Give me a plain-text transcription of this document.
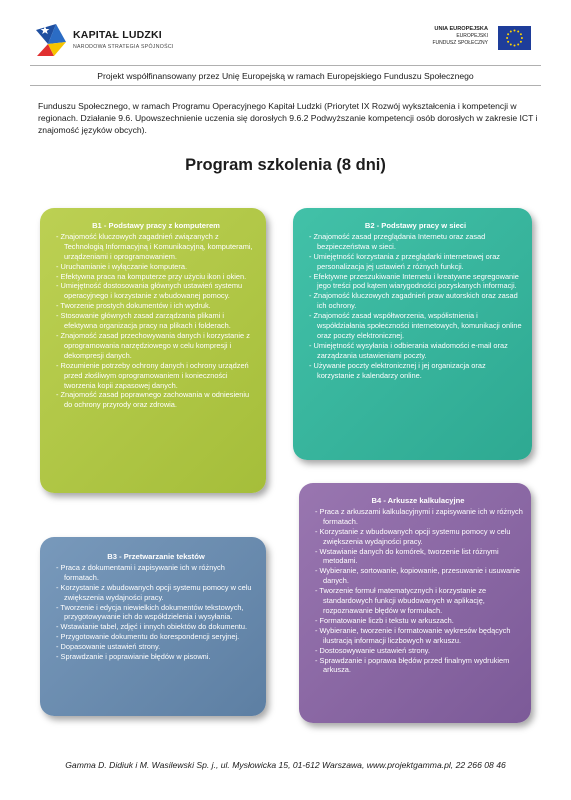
KAPITAŁ LUDZKI
NARODOWA STRATEGIA SPÓJNOŚCI
UNIA EUROPEJSKA
EUROPEJSKI
FUNDUSZ SPOŁECZNY
Projekt współfinansowany przez Unię Europejską w ramach Europejskiego Funduszu Społecznego
Funduszu Społecznego, w ramach Programu Operacyjnego Kapitał Ludzki (Priorytet IX Rozwój wykształcenia i kompetencji w regionach. Działanie 9.6. Upowszechnienie uczenia się dorosłych 9.6.2 Podwyższanie kompetencji osób dorosłych w zakresie ICT i znajomość języków obcych).
Program szkolenia (8 dni)
B1 - Podstawy pracy z komputerem
- Znajomość kluczowych zagadnień związanych z Technologią Informacyjną i Komunikacyjną, komputerami, urządzeniami i oprogramowaniem.
- Uruchamianie i wyłączanie komputera.
- Efektywna praca na komputerze przy użyciu ikon i okien.
- Umiejętność dostosowania głównych ustawień systemu operacyjnego i korzystanie z wbudowanej pomocy.
- Tworzenie prostych dokumentów i ich wydruk.
- Stosowanie głównych zasad zarządzania plikami i efektywna organizacja pracy na plikach i folderach.
- Znajomość zasad przechowywania danych i korzystanie z oprogramowania narzędziowego w celu kompresji i dekompresji danych.
- Rozumienie potrzeby ochrony danych i ochrony urządzeń przed złośliwym oprogramowaniem i konieczności tworzenia kopii zapasowej danych.
- Znajomość zasad poprawnego zachowania w odniesieniu do ochrony przyrody oraz zdrowia.
B2 - Podstawy pracy w sieci
- Znajomość zasad przeglądania Internetu oraz zasad bezpieczeństwa w sieci.
- Umiejętność korzystania z przeglądarki internetowej oraz personalizacja jej ustawień z różnych funkcji.
- Efektywne przeszukiwanie Internetu i kreatywne segregowanie jego treści pod kątem wiarygodności pozyskanych informacji.
- Znajomość kluczowych zagadnień praw autorskich oraz zasad ich ochrony.
- Znajomość zasad współtworzenia, współistnienia i współdziałania społeczności internetowych, komunikacji online oraz poczty elektronicznej.
- Umiejętność wysyłania i odbierania wiadomości e-mail oraz zarządzania ustawieniami poczty.
- Używanie poczty elektronicznej i jej organizacja oraz korzystanie z kalendarzy online.
B3 - Przetwarzanie tekstów
- Praca z dokumentami i zapisywanie ich w różnych formatach.
- Korzystanie z wbudowanych opcji systemu pomocy w celu zwiększenia wydajności pracy.
- Tworzenie i edycja niewielkich dokumentów tekstowych, przygotowywanie ich do współdzielenia i wysyłania.
- Wstawianie tabel, zdjęć i innych obiektów do dokumentu.
- Przygotowanie dokumentu do korespondencji seryjnej.
- Dopasowanie ustawień strony.
- Sprawdzanie i poprawianie błędów w pisowni.
B4 - Arkusze kalkulacyjne
- Praca z arkuszami kalkulacyjnymi i zapisywanie ich w różnych formatach.
- Korzystanie z wbudowanych opcji systemu pomocy w celu zwiększenia wydajności pracy.
- Wstawianie danych do komórek, tworzenie list różnymi metodami.
- Wybieranie, sortowanie, kopiowanie, przesuwanie i usuwanie danych.
- Tworzenie formuł matematycznych i korzystanie ze standardowych funkcji wbudowanych w aplikację, rozpoznawanie błędów w formułach.
- Formatowanie liczb i tekstu w arkuszach.
- Wybieranie, tworzenie i formatowanie wykresów będących ilustracją informacji liczbowych w arkuszu.
- Dostosowywanie ustawień strony.
- Sprawdzanie i poprawa błędów przed finalnym wydrukiem arkusza.
Gamma D. Didiuk i M. Wasilewski Sp. j., ul. Mysłowicka 15, 01-612 Warszawa, www.projektgamma.pl, 22 266 08 46
